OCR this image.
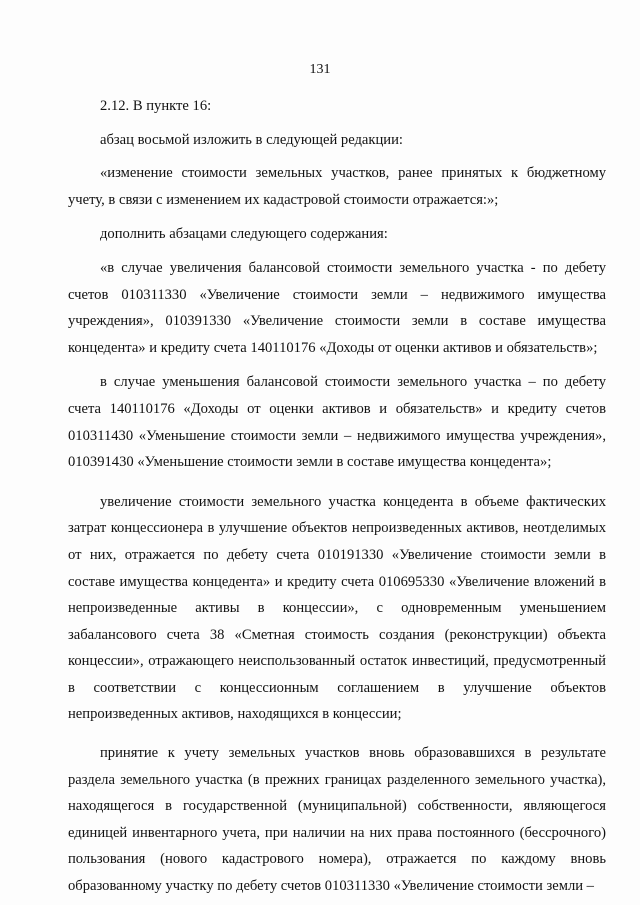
131

2.12. В пункте 16:

абзац восьмой изложить в следующей редакции:

«изменение стоимости земельных участков, ранее принятых к бюджетному учету, в связи с изменением их кадастровой стоимости отражается:»;

дополнить абзацами следующего содержания:

«в случае увеличения балансовой стоимости земельного участка - по дебету счетов 010311330 «Увеличение стоимости земли – недвижимого имущества учреждения», 010391330 «Увеличение стоимости земли в составе имущества концедента» и кредиту счета 140110176 «Доходы от оценки активов и обязательств»;

в случае уменьшения балансовой стоимости земельного участка – по дебету счета 140110176 «Доходы от оценки активов и обязательств» и кредиту счетов 010311430 «Уменьшение стоимости земли – недвижимого имущества учреждения», 010391430 «Уменьшение стоимости земли в составе имущества концедента»;

увеличение стоимости земельного участка концедента в объеме фактических затрат концессионера в улучшение объектов непроизведенных активов, неотделимых от них, отражается по дебету счета 010191330 «Увеличение стоимости земли в составе имущества концедента» и кредиту счета 010695330 «Увеличение вложений в непроизведенные активы в концессии», с одновременным уменьшением забалансового счета 38 «Сметная стоимость создания (реконструкции) объекта концессии», отражающего неиспользованный остаток инвестиций, предусмотренный в соответствии с концессионным соглашением в улучшение объектов непроизведенных активов, находящихся в концессии;

принятие к учету земельных участков вновь образовавшихся в результате раздела земельного участка (в прежних границах разделенного земельного участка), находящегося в государственной (муниципальной) собственности, являющегося единицей инвентарного учета, при наличии на них права постоянного (бессрочного) пользования (нового кадастрового номера), отражается по каждому вновь образованному участку по дебету счетов 010311330 «Увеличение стоимости земли –
